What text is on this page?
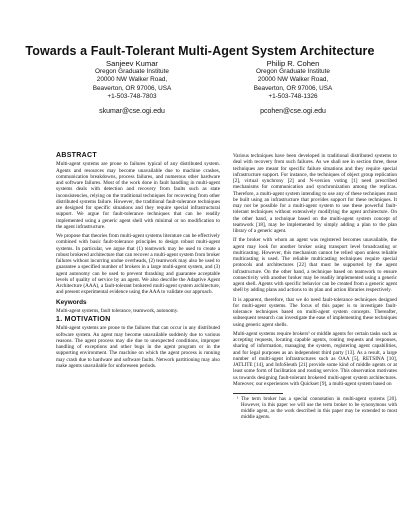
Towards a Fault-Tolerant Multi-Agent System Architecture
Sanjeev Kumar
Oregon Graduate Institute
20000 NW Walker Road,
Beaverton, OR 97006, USA
+1-503-748-7803
skumar@cse.ogi.edu
Philip R. Cohen
Oregon Graduate Institute
20000 NW Walker Road,
Beaverton, OR 97006, USA
+1-503-748-1326
pcohen@cse.ogi.edu
ABSTRACT

Multi-agent systems are prone to failures typical of any distributed system. Agents and resources may become unavailable due to machine crashes, communication breakdowns, process failures, and numerous other hardware and software failures. Most of the work done in fault handling in multi-agent systems deals with detection and recovery from faults such as state inconsistencies, relying on the traditional techniques for recovering from other distributed systems failure. However, the traditional fault-tolerance techniques are designed for specific situations and they require special infrastructural support. We argue for fault-tolerance techniques that can be readily implemented using a generic agent shell with minimal or no modification to the agent infrastructure.

We propose that theories from multi-agent systems literature can be effectively combined with basic fault-tolerance principles to design robust multi-agent systems. In particular, we argue that (1) teamwork may be used to create a robust brokered architecture that can recover a multi-agent system from broker failures without incurring undue overheads, (2) teamwork may also be used to guarantee a specified number of brokers in a large multi-agent system, and (3) agent autonomy can be used to prevent thrashing and guarantee acceptable levels of quality of service by an agent. We also describe the Adaptive Agent Architecture (AAA), a fault-tolerant brokered multi-agent system architecture, and present experimental evidence using the AAA to validate our approach.

Keywords

Multi-agent systems, fault tolerance, teamwork, autonomy.

1. MOTIVATION

Multi-agent systems are prone to the failures that can occur in any distributed software system. An agent may become unavailable suddenly due to various reasons. The agent process may die due to unexpected conditions, improper handling of exceptions and other bugs in the agent program or in the supporting environment. The machine on which the agent process is running may crash due to hardware and software faults. Network partitioning may also make agents unavailable for unforeseen periods.

Various techniques have been developed in traditional distributed systems to deal with recovery from such failures. As we shall see in section three, these techniques are meant for specific failure situations and they require special infrastructure support. For instance, the techniques of object group replication [2], virtual synchrony [2] and N-version voting [1] need prescribed mechanisms for communication and synchronization among the replicas. Therefore, a multi-agent system intending to use any of these techniques must be built using an infrastructure that provides support for these techniques. It may not be possible for a multi-agent system to use these powerful fault-tolerant techniques without extensively modifying the agent architecture. On the other hand, a technique based on the multi-agent system concept of teamwork [18], may be implemented by simply adding a plan to the plan library of a generic agent.

If the broker with whom an agent was registered becomes unavailable, the agent may look for another broker using transport level broadcasting or multicasting. However, this mechanism cannot be relied upon unless reliable multicasting is used. The reliable multicasting techniques require special protocols and architectures [22] that must be supported by the agent infrastructure. On the other hand, a technique based on teamwork to ensure connectivity with another broker may be readily implemented using a generic agent shell. Agents with specific behavior can be created from a generic agent shell by adding plans and actions to its plan and action libraries respectively.

It is apparent, therefore, that we do need fault-tolerance techniques designed for multi-agent systems. The focus of this paper is to investigate fault-tolerance techniques based on multi-agent system concepts. Thereafter, subsequent research can investigate the ease of implementing these techniques using generic agent shells.

Multi-agent systems require brokers¹ or middle agents for certain tasks such as accepting requests, locating capable agents, routing requests and responses, sharing of information, managing the system, registering agent capabilities, and for legal purposes as an independent third party [13]. As a result, a large number of multi-agent infrastructures such as OAA [5], RETSINA [10], JATLITE [14], and InfoSleuth [21] provide some kind of middle agents or at least some form of facilitation and routing service. This observation motivates us towards designing fault-tolerant brokered multi-agent system architectures. Moreover, our experiences with Quickset [9], a multi-agent system based on

¹ The term broker has a special connotation in multi-agent systems [20]. However, in this paper we will use the term broker to be synonymous with middle agent, as the work described in this paper may be extended to most middle agents.
